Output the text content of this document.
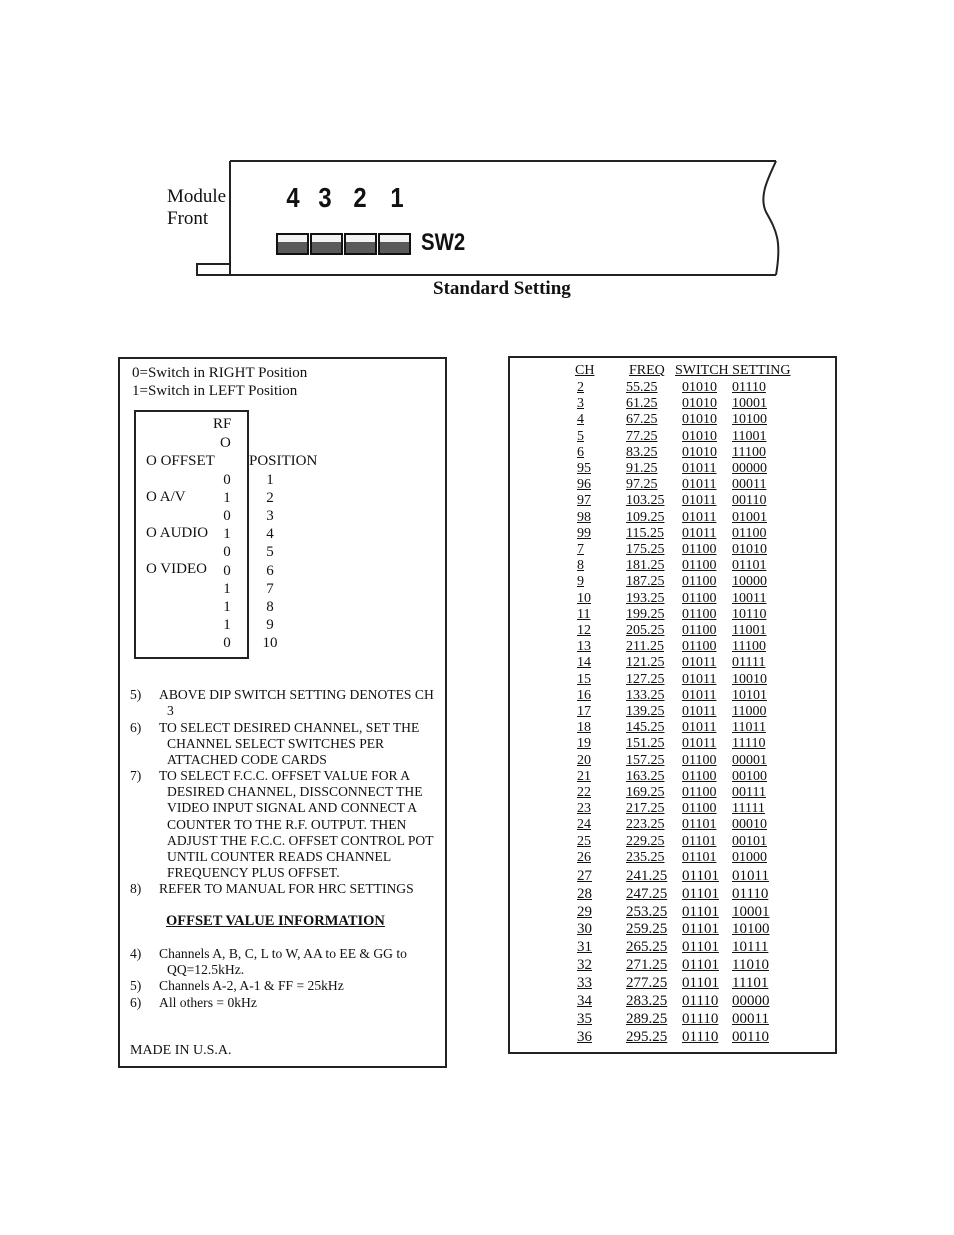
Module
Front
4 3 2 1
SW2
Standard Setting
0=Switch in RIGHT Position
1=Switch in LEFT Position
RF
O
O OFFSET POSITION
O A/V
O AUDIO
O VIDEO
0 1
1 2
0 3
1 4
0 5
0 6
1 7
1 8
1 9
0 10
5) ABOVE DIP SWITCH SETTING DENOTES CH 3
6) TO SELECT DESIRED CHANNEL, SET THE CHANNEL SELECT SWITCHES PER ATTACHED CODE CARDS
7) TO SELECT F.C.C. OFFSET VALUE FOR A DESIRED CHANNEL, DISSCONNECT THE VIDEO INPUT SIGNAL AND CONNECT A COUNTER TO THE R.F. OUTPUT. THEN ADJUST THE F.C.C. OFFSET CONTROL POT UNTIL COUNTER READS CHANNEL FREQUENCY PLUS OFFSET.
8) REFER TO MANUAL FOR HRC SETTINGS
OFFSET VALUE INFORMATION
4) Channels A, B, C, L to W, AA to EE & GG to QQ=12.5kHz.
5) Channels A-2, A-1 & FF = 25kHz
6) All others = 0kHz
MADE IN U.S.A.
CH FREQ SWITCH SETTING
2	55.25 01010 01110
3	61.25 01010 10001
4	67.25 01010 10100
5	77.25 01010 11001
6	83.25 01010 11100
95	91.25 01011 00000
96	97.25 01011 00011
97	103.25 01011 00110
98	109.25 01011 01001
99	115.25 01011 01100
7	175.25 01100 01010
8	181.25 01100 01101
9	187.25 01100 10000
10	193.25 01100 10011
11	199.25 01100 10110
12	205.25 01100 11001
13	211.25 01100 11100
14	121.25 01011 01111
15	127.25 01011 10010
16	133.25 01011 10101
17	139.25 01011 11000
18	145.25 01011 11011
19	151.25 01011 11110
20	157.25 01100 00001
21	163.25 01100 00100
22	169.25 01100 00111
23	217.25 01100 11111
24	223.25 01101 00010
25	229.25 01101 00101
26	235.25 01101 01000
27 241.25 01101 01011
28 247.25 01101 01110
29 253.25 01101 10001
30 259.25 01101 10100
31 265.25 01101 10111
32 271.25 01101 11010
33 277.25 01101 11101
34 283.25 01110 00000
35 289.25 01110 00011
36 295.25 01110 00110
